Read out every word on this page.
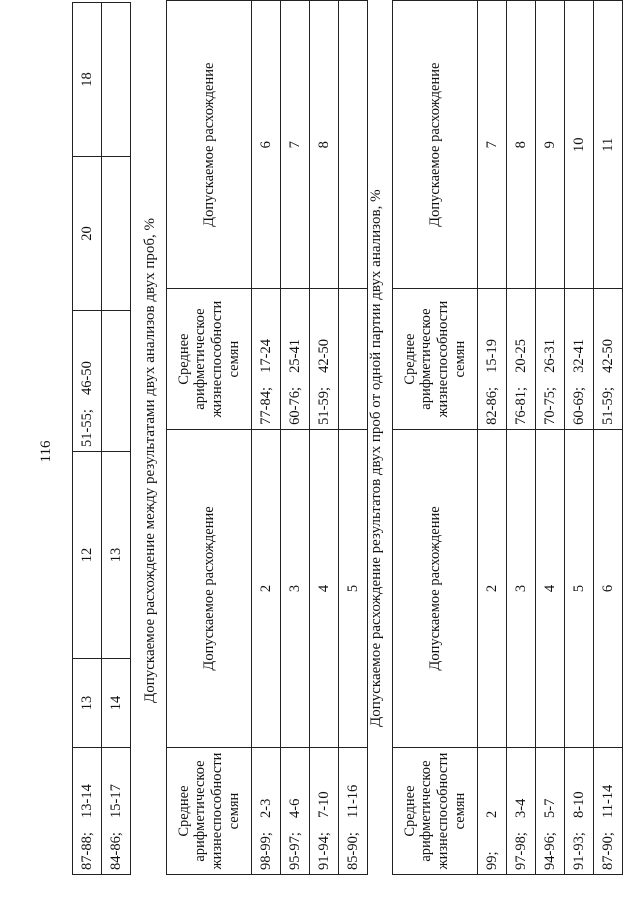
116
87-88;13-14	13	12	51-55;46-50	20	18
84-86;15-17	14	13			Допускаемое расхождение между результатами двух анализов двух проб, %
Среднее арифметическое жизнеспособности семян	Допускаемое расхождение	Среднее арифметическое жизнеспособности семян	Допускаемое расхождение
98-99;2-3	2	77-84;17-24	6
95-97;4-6	3	60-76;25-41	7
91-94;7-10	4	51-59;42-50	8
85-90;11-16	5		Допускаемое расхождение результатов двух проб от одной партии двух анализов, %
Среднее арифметическое жизнеспособности семян	Допускаемое расхождение	Среднее арифметическое жизнеспособности семян	Допускаемое расхождение
99;2	2	82-86;15-19	7
97-98;3-4	3	76-81;20-25	8
94-96;5-7	4	70-75;26-31	9
91-93;8-10	5	60-69;32-41	10
87-90;11-14	6	51-59;42-50	11
